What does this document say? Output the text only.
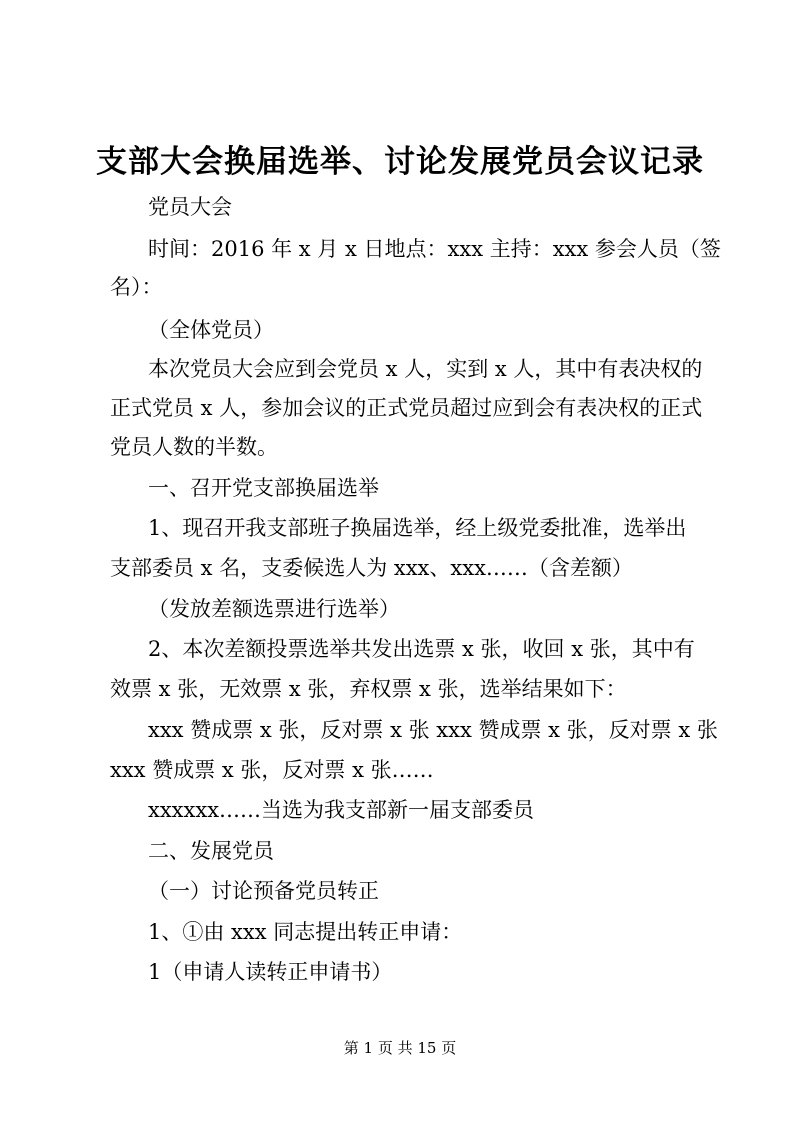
支部大会换届选举、讨论发展党员会议记录
党员大会
时间：2016 年 x 月 x 日地点：xxx 主持：xxx 参会人员（签
名）：
（全体党员）
本次党员大会应到会党员 x 人，实到 x 人，其中有表决权的
正式党员 x 人，参加会议的正式党员超过应到会有表决权的正式
党员人数的半数。
一、召开党支部换届选举
1、现召开我支部班子换届选举，经上级党委批准，选举出
支部委员 x 名，支委候选人为 xxx、xxx……（含差额）
（发放差额选票进行选举）
2、本次差额投票选举共发出选票 x 张，收回 x 张，其中有
效票 x 张，无效票 x 张，弃权票 x 张，选举结果如下：
xxx 赞成票 x 张，反对票 x 张 xxx 赞成票 x 张，反对票 x 张
xxx 赞成票 x 张，反对票 x 张……
xxxxxx……当选为我支部新一届支部委员
二、发展党员
（一）讨论预备党员转正
1、①由 xxx 同志提出转正申请：
1（申请人读转正申请书）
第 1 页 共 15 页
